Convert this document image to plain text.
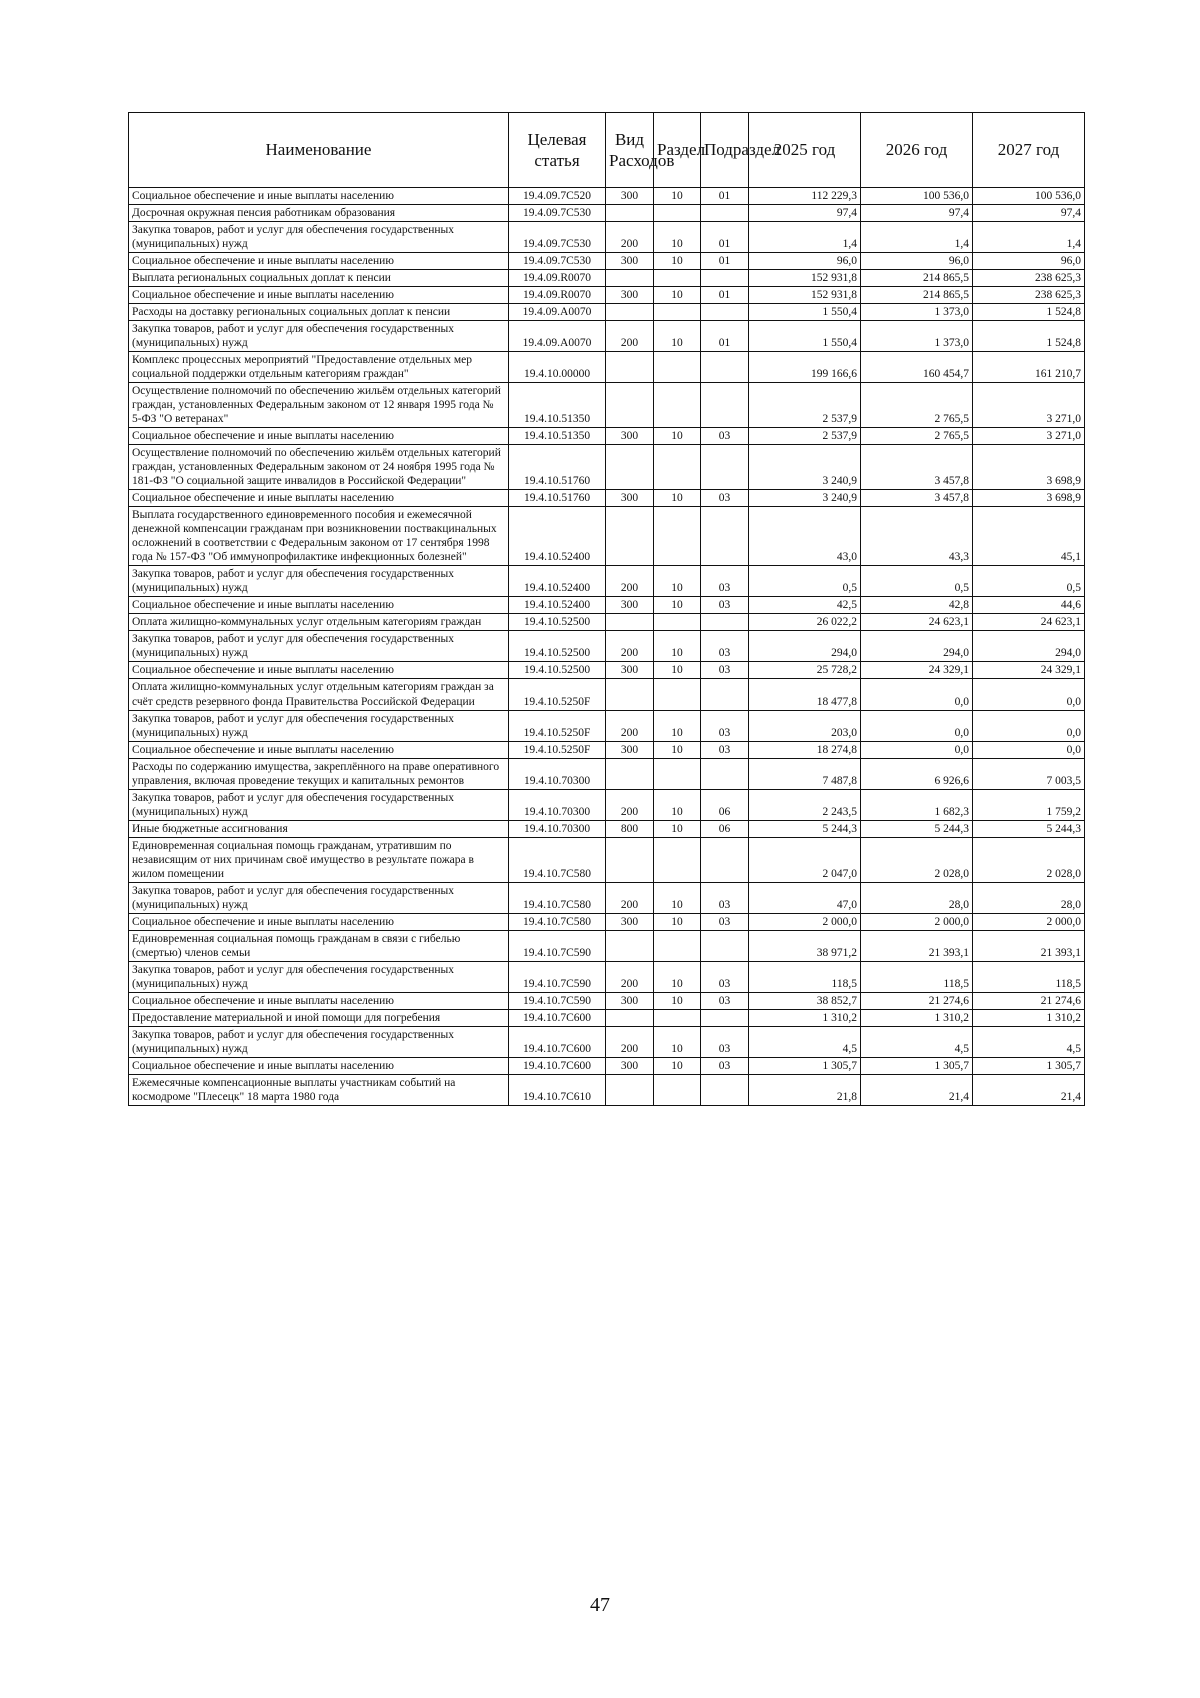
Наименование	Целевая статья	Вид Расходов	Раздел	Подраздел	2025 год	2026 год	2027 год
Социальное обеспечение и иные выплаты населению	19.4.09.7С520	300	10	01	112 229,3	100 536,0	100 536,0
Досрочная окружная пенсия работникам образования	19.4.09.7С530				97,4	97,4	97,4
Закупка товаров, работ и услуг для обеспечения государственных (муниципальных) нужд	19.4.09.7С530	200	10	01	1,4	1,4	1,4
Социальное обеспечение и иные выплаты населению	19.4.09.7С530	300	10	01	96,0	96,0	96,0
Выплата региональных социальных доплат к пенсии	19.4.09.R0070				152 931,8	214 865,5	238 625,3
Социальное обеспечение и иные выплаты населению	19.4.09.R0070	300	10	01	152 931,8	214 865,5	238 625,3
Расходы на доставку региональных социальных доплат к пенсии	19.4.09.А0070				1 550,4	1 373,0	1 524,8
Закупка товаров, работ и услуг для обеспечения государственных (муниципальных) нужд	19.4.09.А0070	200	10	01	1 550,4	1 373,0	1 524,8
Комплекс процессных мероприятий "Предоставление отдельных мер социальной поддержки отдельным категориям граждан"	19.4.10.00000				199 166,6	160 454,7	161 210,7
Осуществление полномочий по обеспечению жильём отдельных категорий граждан, установленных Федеральным законом от 12 января 1995 года № 5-ФЗ "О ветеранах"	19.4.10.51350				2 537,9	2 765,5	3 271,0
Социальное обеспечение и иные выплаты населению	19.4.10.51350	300	10	03	2 537,9	2 765,5	3 271,0
Осуществление полномочий по обеспечению жильём отдельных категорий граждан, установленных Федеральным законом от 24 ноября 1995 года № 181-ФЗ "О социальной защите инвалидов в Российской Федерации"	19.4.10.51760				3 240,9	3 457,8	3 698,9
Социальное обеспечение и иные выплаты населению	19.4.10.51760	300	10	03	3 240,9	3 457,8	3 698,9
Выплата государственного единовременного пособия и ежемесячной денежной компенсации гражданам при возникновении поствакцинальных осложнений в соответствии с Федеральным законом от 17 сентября 1998 года № 157-ФЗ "Об иммунопрофилактике инфекционных болезней"	19.4.10.52400				43,0	43,3	45,1
Закупка товаров, работ и услуг для обеспечения государственных (муниципальных) нужд	19.4.10.52400	200	10	03	0,5	0,5	0,5
Социальное обеспечение и иные выплаты населению	19.4.10.52400	300	10	03	42,5	42,8	44,6
Оплата жилищно-коммунальных услуг отдельным категориям граждан	19.4.10.52500				26 022,2	24 623,1	24 623,1
Закупка товаров, работ и услуг для обеспечения государственных (муниципальных) нужд	19.4.10.52500	200	10	03	294,0	294,0	294,0
Социальное обеспечение и иные выплаты населению	19.4.10.52500	300	10	03	25 728,2	24 329,1	24 329,1
Оплата жилищно-коммунальных услуг отдельным категориям граждан за счёт средств резервного фонда Правительства Российской Федерации	19.4.10.5250F				18 477,8	0,0	0,0
Закупка товаров, работ и услуг для обеспечения государственных (муниципальных) нужд	19.4.10.5250F	200	10	03	203,0	0,0	0,0
Социальное обеспечение и иные выплаты населению	19.4.10.5250F	300	10	03	18 274,8	0,0	0,0
Расходы по содержанию имущества, закреплённого на праве оперативного управления, включая проведение текущих и капитальных ремонтов	19.4.10.70300				7 487,8	6 926,6	7 003,5
Закупка товаров, работ и услуг для обеспечения государственных (муниципальных) нужд	19.4.10.70300	200	10	06	2 243,5	1 682,3	1 759,2
Иные бюджетные ассигнования	19.4.10.70300	800	10	06	5 244,3	5 244,3	5 244,3
Единовременная социальная помощь гражданам, утратившим по независящим от них причинам своё имущество в результате пожара в жилом помещении	19.4.10.7С580				2 047,0	2 028,0	2 028,0
Закупка товаров, работ и услуг для обеспечения государственных (муниципальных) нужд	19.4.10.7С580	200	10	03	47,0	28,0	28,0
Социальное обеспечение и иные выплаты населению	19.4.10.7С580	300	10	03	2 000,0	2 000,0	2 000,0
Единовременная социальная помощь гражданам в связи с гибелью (смертью) членов семьи	19.4.10.7С590				38 971,2	21 393,1	21 393,1
Закупка товаров, работ и услуг для обеспечения государственных (муниципальных) нужд	19.4.10.7С590	200	10	03	118,5	118,5	118,5
Социальное обеспечение и иные выплаты населению	19.4.10.7С590	300	10	03	38 852,7	21 274,6	21 274,6
Предоставление материальной и иной помощи для погребения	19.4.10.7С600				1 310,2	1 310,2	1 310,2
Закупка товаров, работ и услуг для обеспечения государственных (муниципальных) нужд	19.4.10.7С600	200	10	03	4,5	4,5	4,5
Социальное обеспечение и иные выплаты населению	19.4.10.7С600	300	10	03	1 305,7	1 305,7	1 305,7
Ежемесячные компенсационные выплаты участникам событий на космодроме "Плесецк" 18 марта 1980 года	19.4.10.7С610				21,8	21,4	21,4
47
